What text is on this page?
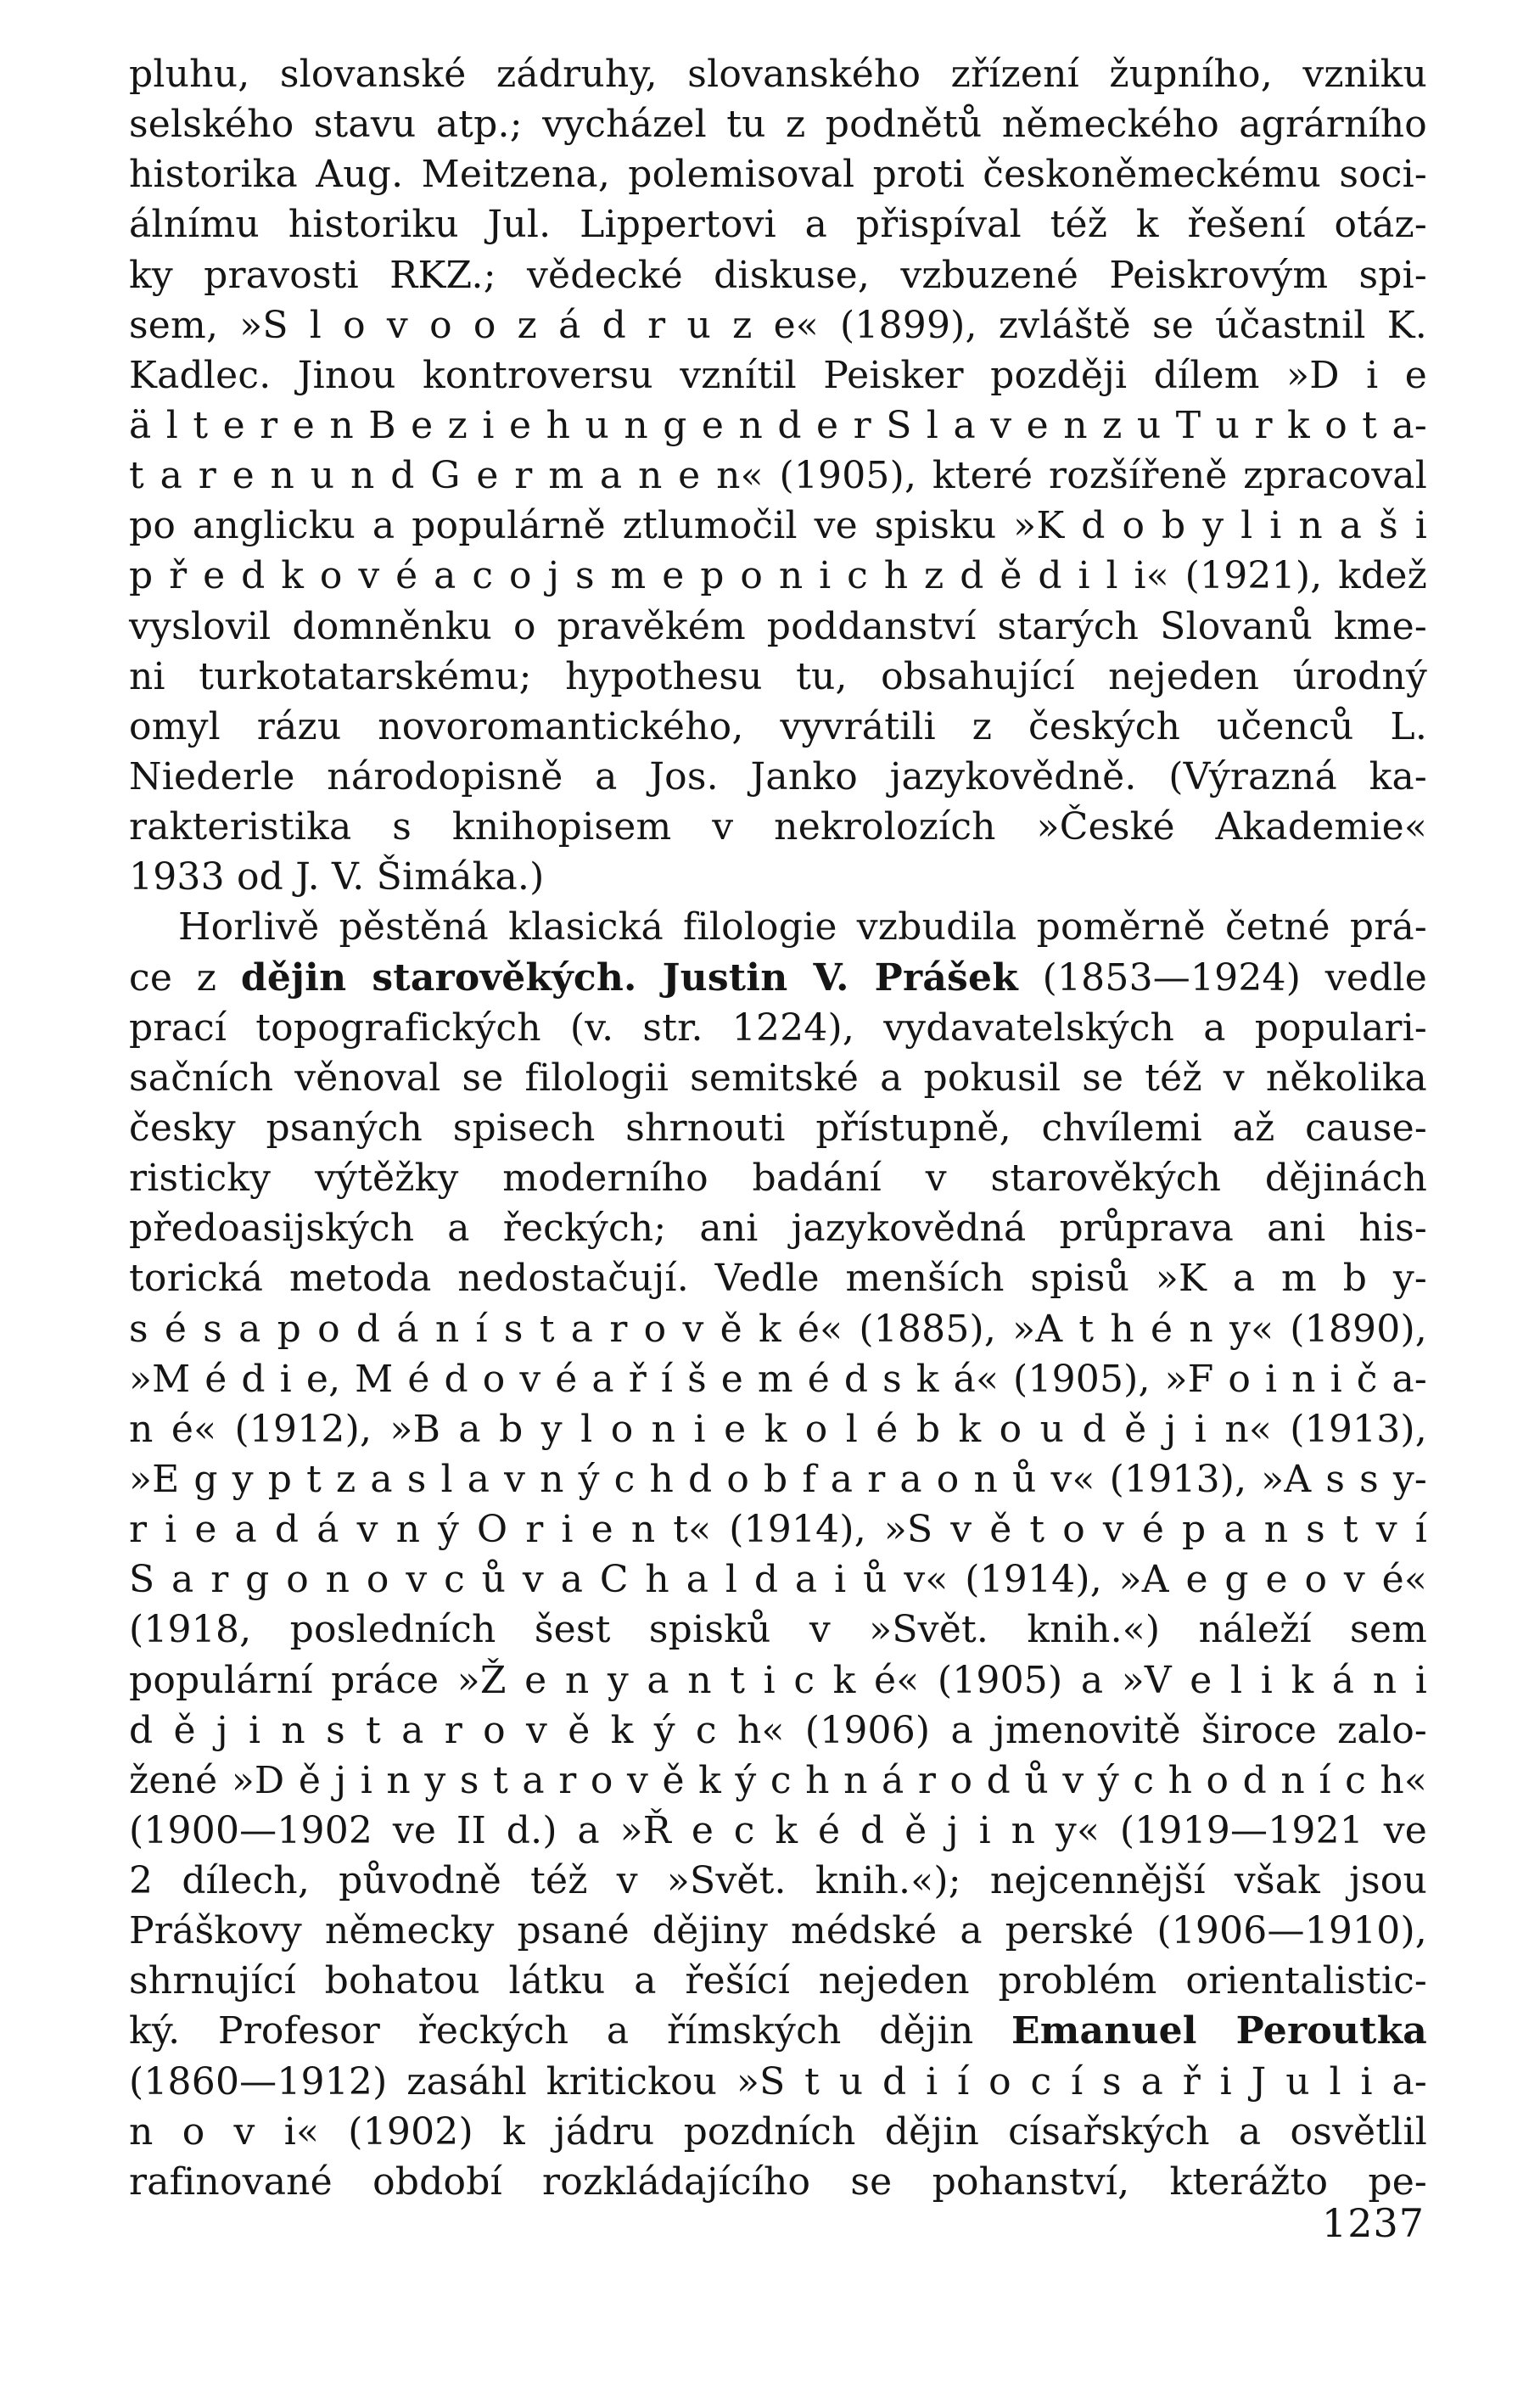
pluhu, slovanské zádruhy, slovanského zřízení župního, vzniku
selského stavu atp.; vycházel tu z podnětů německého agrárního
historika Aug. Meitzena, polemisoval proti českoněmeckému soci-
álnímu historiku Jul. Lippertovi a přispíval též k řešení otáz-
ky pravosti RKZ.; vědecké diskuse, vzbuzené Peiskrovým spi-
sem, »S l o v o o z á d r u z e« (1899), zvláště se účastnil K.
Kadlec. Jinou kontroversu vznítil Peisker později dílem »D i e
ä l t e r e n B e z i e h u n g e n d e r S l a v e n z u T u r k o t a-
t a r e n u n d G e r m a n e n« (1905), které rozšířeně zpracoval
po anglicku a populárně ztlumočil ve spisku »K d o b y l i n a š i
p ř e d k o v é a c o j s m e p o n i c h z d ě d i l i« (1921), kdež
vyslovil domněnku o pravěkém poddanství starých Slovanů kme-
ni turkotatarskému; hypothesu tu, obsahující nejeden úrodný
omyl rázu novoromantického, vyvrátili z českých učenců L.
Niederle národopisně a Jos. Janko jazykovědně. (Výrazná ka-
rakteristika s knihopisem v nekrolozích »České Akademie«
1933 od J. V. Šimáka.)
Horlivě pěstěná klasická filologie vzbudila poměrně četné prá-
ce z dějin starověkých. Justin V. Prášek (1853—1924) vedle
prací topografických (v. str. 1224), vydavatelských a populari-
sačních věnoval se filologii semitské a pokusil se též v několika
česky psaných spisech shrnouti přístupně, chvílemi až cause-
risticky výtěžky moderního badání v starověkých dějinách
předoasijských a řeckých; ani jazykovědná průprava ani his-
torická metoda nedostačují. Vedle menších spisů »K a m b y-
s é s a p o d á n í s t a r o v ě k é« (1885), »A t h é n y« (1890),
»M é d i e, M é d o v é a ř í š e m é d s k á« (1905), »F o i n i č a-
n é« (1912), »B a b y l o n i e k o l é b k o u d ě j i n« (1913),
»E g y p t z a s l a v n ý c h d o b f a r a o n ů v« (1913), »A s s y-
r i e a d á v n ý O r i e n t« (1914), »S v ě t o v é p a n s t v í
S a r g o n o v c ů v a C h a l d a i ů v« (1914), »A e g e o v é«
(1918, posledních šest spisků v »Svět. knih.«) náleží sem
populární práce »Ž e n y a n t i c k é« (1905) a »V e l i k á n i
d ě j i n s t a r o v ě k ý c h« (1906) a jmenovitě široce zalo-
žené »D ě j i n y s t a r o v ě k ý c h n á r o d ů v ý c h o d n í c h«
(1900—1902 ve II d.) a »Ř e c k é d ě j i n y« (1919—1921 ve
2 dílech, původně též v »Svět. knih.«); nejcennější však jsou
Práškovy německy psané dějiny médské a perské (1906—1910),
shrnující bohatou látku a řešící nejeden problém orientalistic-
ký. Profesor řeckých a římských dějin Emanuel Peroutka
(1860—1912) zasáhl kritickou »S t u d i í o c í s a ř i J u l i a-
n o v i« (1902) k jádru pozdních dějin císařských a osvětlil
rafinované období rozkládajícího se pohanství, kterážto pe-
1237
